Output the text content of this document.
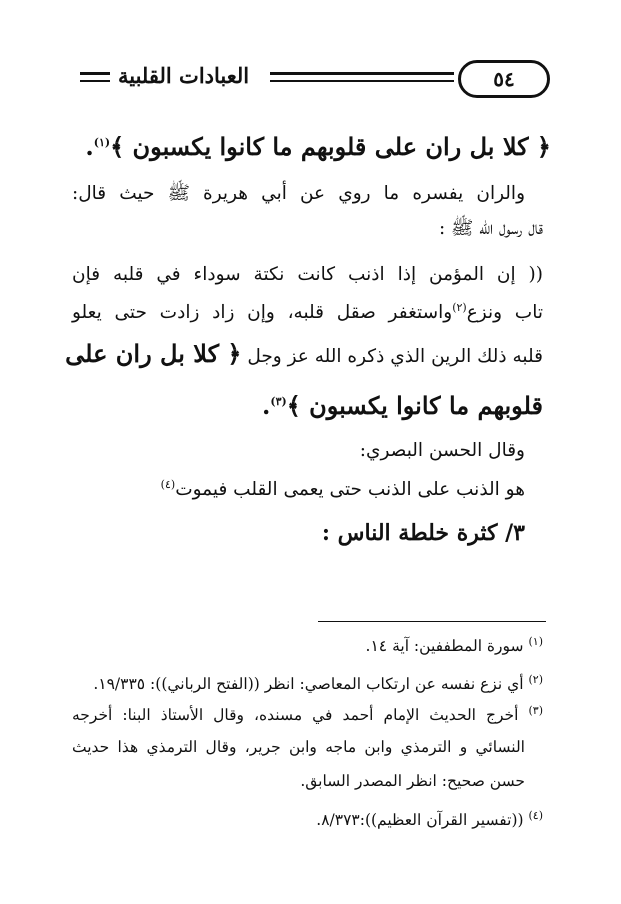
٥٤
العبادات القلبية
﴿ كلا بل ران على قلوبهم ما كانوا يكسبون ﴾$^{(١)}$.
والران يفسره ما روي عن أبي هريرة ﷺ حيث قال:
قال رسول الله ﷺ :
(( إن المؤمن إذا اذنب كانت نكتة سوداء في قلبه فإن
تاب ونزع$^{(٢)}$واستغفر صقل قلبه، وإن زاد زادت حتى يعلو
قلبه ذلك الرين الذي ذكره الله عز وجل ﴿ كلا بل ران على
قلوبهم ما كانوا يكسبون ﴾$^{(٣)}$.
وقال الحسن البصري:
هو الذنب على الذنب حتى يعمى القلب فيموت$^{(٤)}$
٣/ كثرة خلطة الناس :
$^{(١)}$ سورة المطففين: آية ١٤.
$^{(٢)}$ أي نزع نفسه عن ارتكاب المعاصي: انظر ((الفتح الرباني)): ١٩/٣٣٥.
$^{(٣)}$ أخرج الحديث الإمام أحمد في مسنده، وقال الأستاذ البنا: أخرجه
النسائي و الترمذي وابن ماجه وابن جرير، وقال الترمذي هذا حديث
حسن صحيح: انظر المصدر السابق.
$^{(٤)}$ ((تفسير القرآن العظيم)):٨/٣٧٣.
